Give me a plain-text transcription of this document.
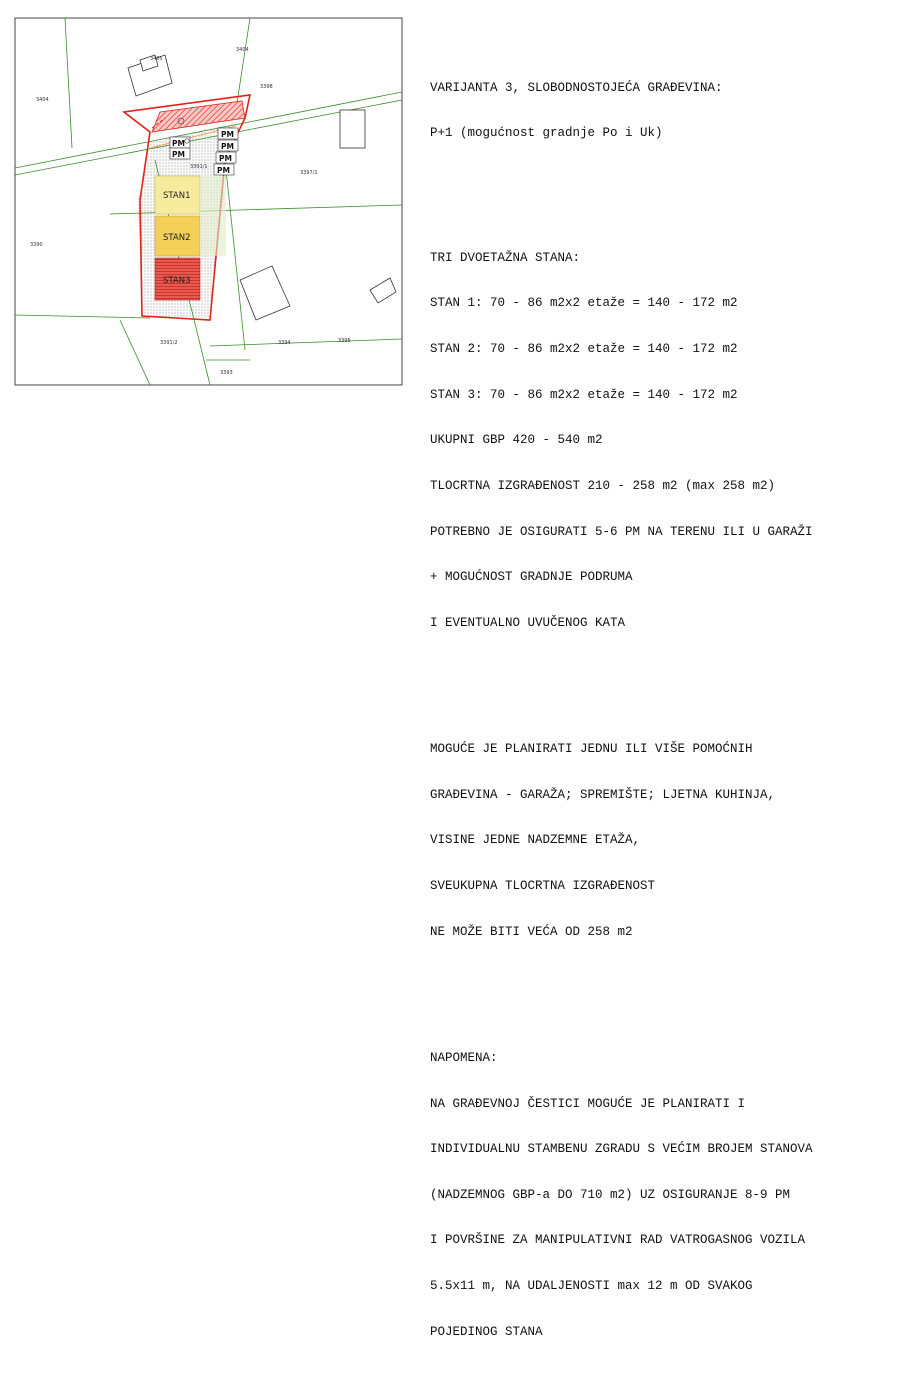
3404
3405
3404
3398
3397/1
3390
3391/2	3394	3395
3393
STAN1
STAN2
STAN3
PM
PM
PM
PM
PM
PM

VARIJANTA 3, SLOBODNOSTOJEĆA GRAĐEVINA:

P+1 (mogućnost gradnje Po i Uk)

TRI DVOETAŽNA STANA:

STAN 1: 70 - 86 m2x2 etaže = 140 - 172 m2

STAN 2: 70 - 86 m2x2 etaže = 140 - 172 m2

STAN 3: 70 - 86 m2x2 etaže = 140 - 172 m2

UKUPNI GBP 420 - 540 m2

TLOCRTNA IZGRAĐENOST 210 - 258 m2 (max 258 m2)

POTREBNO JE OSIGURATI 5-6 PM NA TERENU ILI U GARAŽI

+ MOGUĆNOST GRADNJE PODRUMA

I EVENTUALNO UVUČENOG KATA

MOGUĆE JE PLANIRATI JEDNU ILI VIŠE POMOĆNIH

GRAĐEVINA - GARAŽA; SPREMIŠTE; LJETNA KUHINJA,

VISINE JEDNE NADZEMNE ETAŽA,

SVEUKUPNA TLOCRTNA IZGRAĐENOST

NE MOŽE BITI VEĆA OD 258 m2

NAPOMENA:

NA GRAĐEVNOJ ČESTICI MOGUĆE JE PLANIRATI I

INDIVIDUALNU STAMBENU ZGRADU S VEĆIM BROJEM STANOVA

(NADZEMNOG GBP-a DO 710 m2) UZ OSIGURANJE 8-9 PM

I POVRŠINE ZA MANIPULATIVNI RAD VATROGASNOG VOZILA

5.5x11 m, NA UDALJENOSTI max 12 m OD SVAKOG

POJEDINOG STANA
